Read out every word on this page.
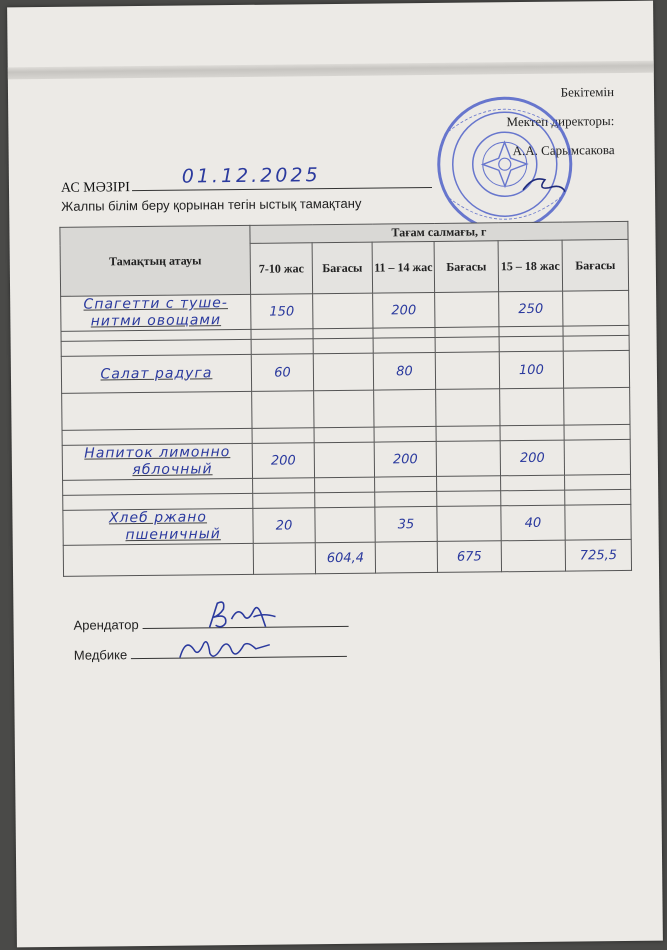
Бекітемін
Мектеп директоры:
А.А. Сарымсакова
АС МӘЗІРІ
01.12.2025
Жалпы білім беру қорынан тегін ыстық тамақтану
Тамақтың атауы	Тағам салмағы, г					
	7-10 жас	Бағасы	11 – 14 жас	Бағасы	15 – 18 жас	Бағасы
Спагетти с туше-
нитми овощами	150		200		250	

Салат радуга	60		80		100	

Напиток лимонно
яблочный	200		200		200	

Хлеб ржано
пшеничный	20		35		40	
		604,4		675		725,5
Арендатор
Медбике
